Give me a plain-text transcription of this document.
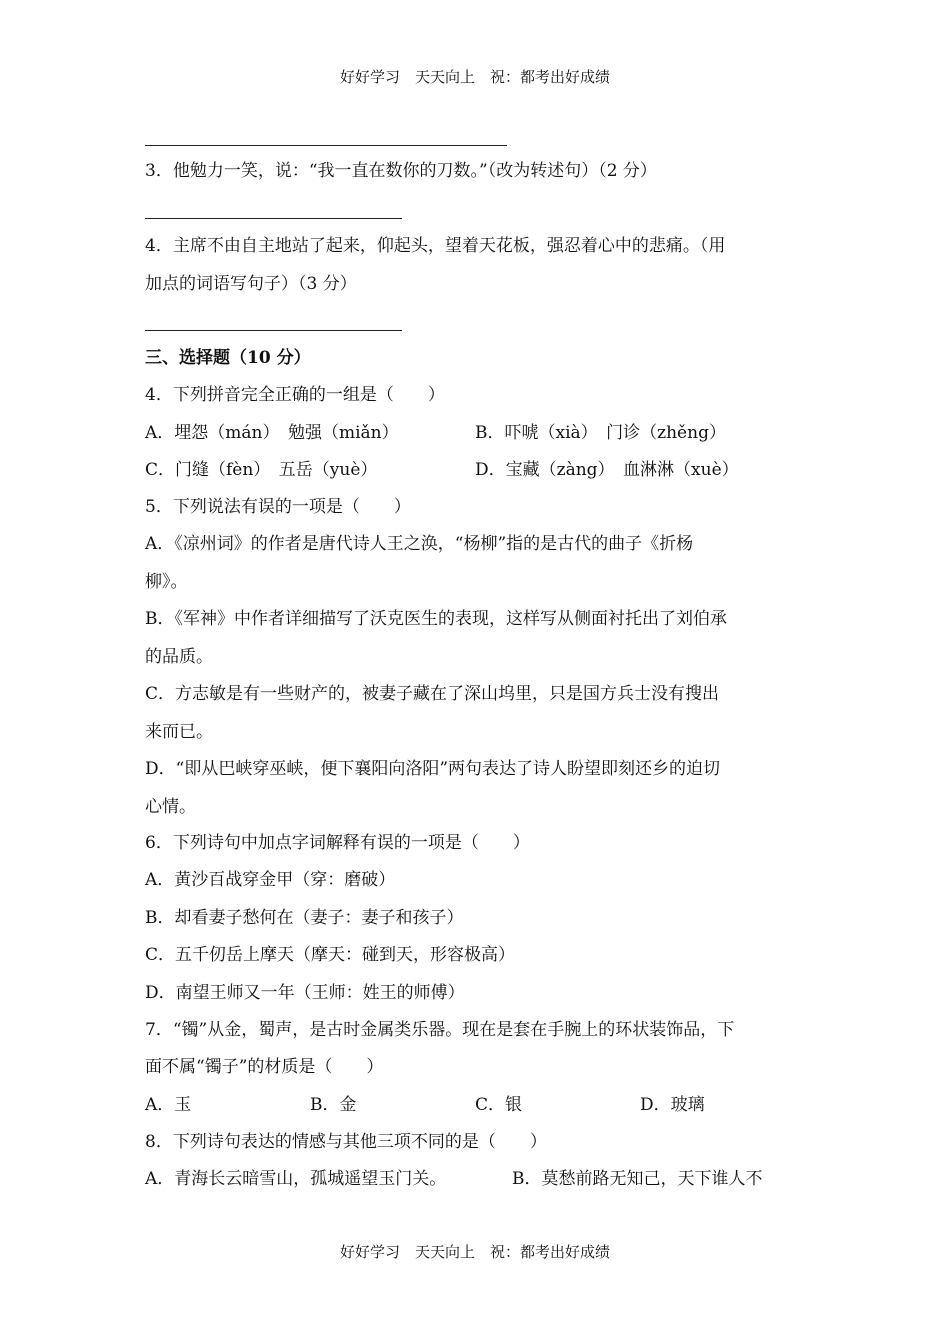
好好学习　天天向上　祝：都考出好成绩
3．他勉力一笑，说：“我一直在数你的刀数。”（改为转述句）（2 分）
4．主席不由自主地站了起来，仰起头，望着天花板，强忍着心中的悲痛。（用
加点的词语写句子）（3 分）
三、选择题（10 分）
4．下列拼音完全正确的一组是（　　）
A．埋怨（mán）　勉强（miǎn）	B．吓唬（xià）　门诊（zhěng）
C．门缝（fèn）　五岳（yuè）	D．宝藏（zàng）　血淋淋（xuè）
5．下列说法有误的一项是（　　）
A．《凉州词》的作者是唐代诗人王之涣，“杨柳”指的是古代的曲子《折杨
柳》。
B．《军神》中作者详细描写了沃克医生的表现，这样写从侧面衬托出了刘伯承
的品质。
C．方志敏是有一些财产的，被妻子藏在了深山坞里，只是国方兵士没有搜出
来而已。
D．“即从巴峡穿巫峡，便下襄阳向洛阳”两句表达了诗人盼望即刻还乡的迫切
心情。
6．下列诗句中加点字词解释有误的一项是（　　）
A．黄沙百战穿金甲（穿：磨破）
B．却看妻子愁何在（妻子：妻子和孩子）
C．五千仞岳上摩天（摩天：碰到天，形容极高）
D．南望王师又一年（王师：姓王的师傅）
7．“镯”从金，蜀声，是古时金属类乐器。现在是套在手腕上的环状装饰品，下
面不属“镯子”的材质是（　　）
A．玉	B．金	C．银	D．玻璃
8．下列诗句表达的情感与其他三项不同的是（　　）
A．青海长云暗雪山，孤城遥望玉门关。	B．莫愁前路无知己，天下谁人不
好好学习　天天向上　祝：都考出好成绩
